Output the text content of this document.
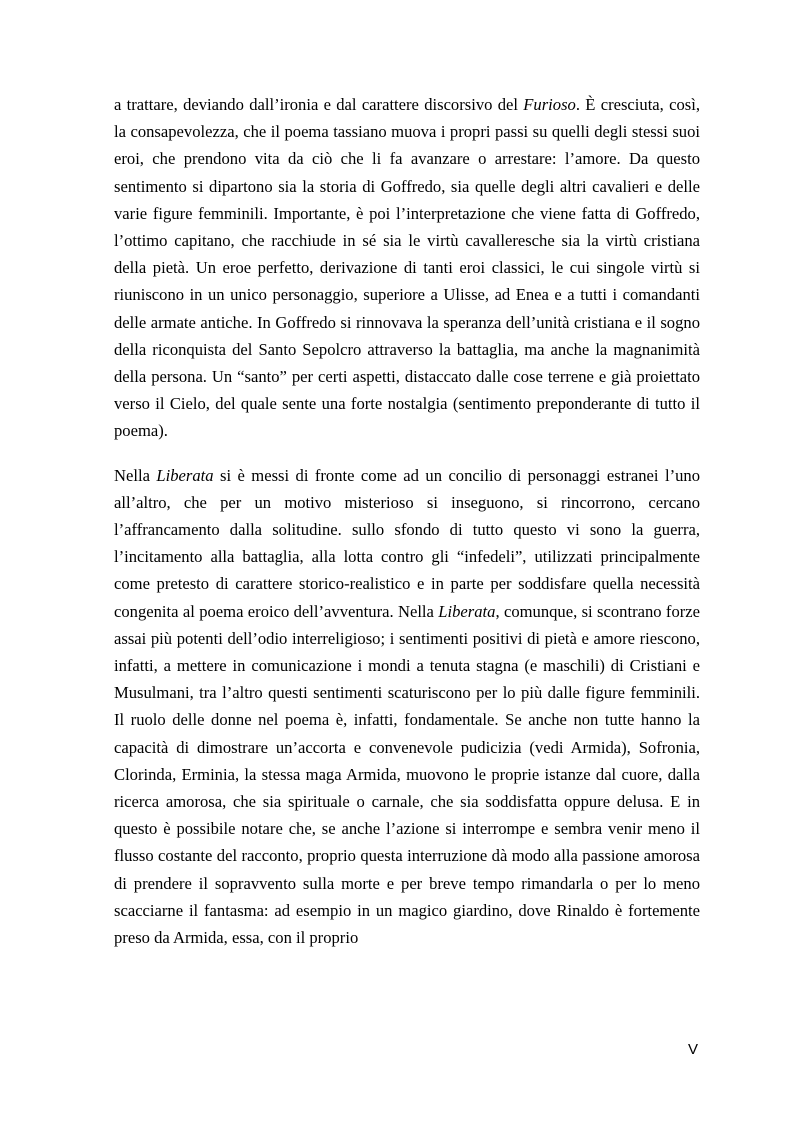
a trattare, deviando dall’ironia e dal carattere discorsivo del Furioso. È cresciuta, così, la consapevolezza, che il poema tassiano muova i propri passi su quelli degli stessi suoi eroi, che prendono vita da ciò che li fa avanzare o arrestare: l’amore. Da questo sentimento si dipartono sia la storia di Goffredo, sia quelle degli altri cavalieri e delle varie figure femminili. Importante, è poi l’interpretazione che viene fatta di Goffredo, l’ottimo capitano, che racchiude in sé sia le virtù cavalleresche sia la virtù cristiana della pietà. Un eroe perfetto, derivazione di tanti eroi classici, le cui singole virtù si riuniscono in un unico personaggio, superiore a Ulisse, ad Enea e a tutti i comandanti delle armate antiche. In Goffredo si rinnovava la speranza dell’unità cristiana e il sogno della riconquista del Santo Sepolcro attraverso la battaglia, ma anche la magnanimità della persona. Un “santo” per certi aspetti, distaccato dalle cose terrene e già proiettato verso il Cielo, del quale sente una forte nostalgia (sentimento preponderante di tutto il poema).

Nella Liberata si è messi di fronte come ad un concilio di personaggi estranei l’uno all’altro, che per un motivo misterioso si inseguono, si rincorrono, cercano l’affrancamento dalla solitudine. sullo sfondo di tutto questo vi sono la guerra, l’incitamento alla battaglia, alla lotta contro gli “infedeli”, utilizzati principalmente come pretesto di carattere storico-realistico e in parte per soddisfare quella necessità congenita al poema eroico dell’avventura. Nella Liberata, comunque, si scontrano forze assai più potenti dell’odio interreligioso; i sentimenti positivi di pietà e amore riescono, infatti, a mettere in comunicazione i mondi a tenuta stagna (e maschili) di Cristiani e Musulmani, tra l’altro questi sentimenti scaturiscono per lo più dalle figure femminili. Il ruolo delle donne nel poema è, infatti, fondamentale. Se anche non tutte hanno la capacità di dimostrare un’accorta e convenevole pudicizia (vedi Armida), Sofronia, Clorinda, Erminia, la stessa maga Armida, muovono le proprie istanze dal cuore, dalla ricerca amorosa, che sia spirituale o carnale, che sia soddisfatta oppure delusa. E in questo è possibile notare che, se anche l’azione si interrompe e sembra venir meno il flusso costante del racconto, proprio questa interruzione dà modo alla passione amorosa di prendere il sopravvento sulla morte e per breve tempo rimandarla o per lo meno scacciarne il fantasma: ad esempio in un magico giardino, dove Rinaldo è fortemente preso da Armida, essa, con il proprio

V
